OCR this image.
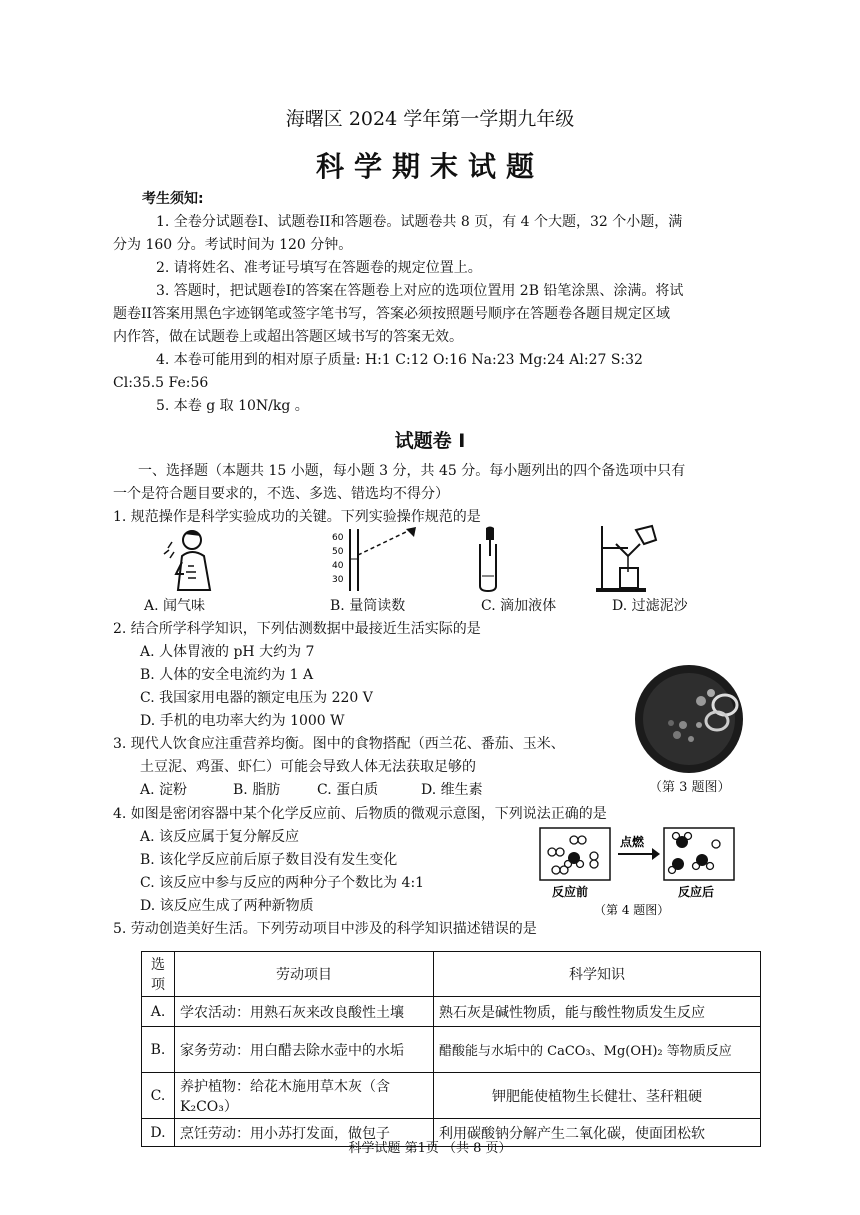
海曙区 2024 学年第一学期九年级
科学期末试题
考生须知:
1. 全卷分试题卷I、试题卷II和答题卷。试题卷共 8 页，有 4 个大题，32 个小题，满
分为 160 分。考试时间为 120 分钟。
2. 请将姓名、准考证号填写在答题卷的规定位置上。
3. 答题时，把试题卷I的答案在答题卷上对应的选项位置用 2B 铅笔涂黑、涂满。将试
题卷II答案用黑色字迹钢笔或签字笔书写，答案必须按照题号顺序在答题卷各题目规定区域
内作答，做在试题卷上或超出答题区域书写的答案无效。
4. 本卷可能用到的相对原子质量: H:1 C:12 O:16 Na:23 Mg:24 Al:27 S:32
Cl:35.5 Fe:56
5. 本卷 g 取 10N/kg 。
试题卷 I
一、选择题（本题共 15 小题，每小题 3 分，共 45 分。每小题列出的四个备选项中只有
一个是符合题目要求的，不选、多选、错选均不得分）
1. 规范操作是科学实验成功的关键。下列实验操作规范的是
60
50
40
30
A. 闻气味	B. 量筒读数	C. 滴加液体	D. 过滤泥沙
2. 结合所学科学知识，下列估测数据中最接近生活实际的是
A. 人体胃液的 pH 大约为 7
B. 人体的安全电流约为 1 A
C. 我国家用电器的额定电压为 220 V
D. 手机的电功率大约为 1000 W
3. 现代人饮食应注重营养均衡。图中的食物搭配（西兰花、番茄、玉米、
土豆泥、鸡蛋、虾仁）可能会导致人体无法获取足够的
A. 淀粉	B. 脂肪	C. 蛋白质	D. 维生素	（第 3 题图）
4. 如图是密闭容器中某个化学反应前、后物质的微观示意图，下列说法正确的是
A. 该反应属于复分解反应
B. 该化学反应前后原子数目没有发生变化
C. 该反应中参与反应的两种分子个数比为 4:1
D. 该反应生成了两种新物质
点燃
反应前	反应后
（第 4 题图）
5. 劳动创造美好生活。下列劳动项目中涉及的科学知识描述错误的是
选项	劳动项目	科学知识
A.	学农活动：用熟石灰来改良酸性土壤	熟石灰是碱性物质，能与酸性物质发生反应
B.	家务劳动：用白醋去除水壶中的水垢	醋酸能与水垢中的 CaCO₃、Mg(OH)₂ 等物质反应
C.	养护植物：给花木施用草木灰（含 K₂CO₃）	钾肥能使植物生长健壮、茎秆粗硬
D.	烹饪劳动：用小苏打发面，做包子	利用碳酸钠分解产生二氧化碳，使面团松软
科学试题 第1页 （共 8 页）
